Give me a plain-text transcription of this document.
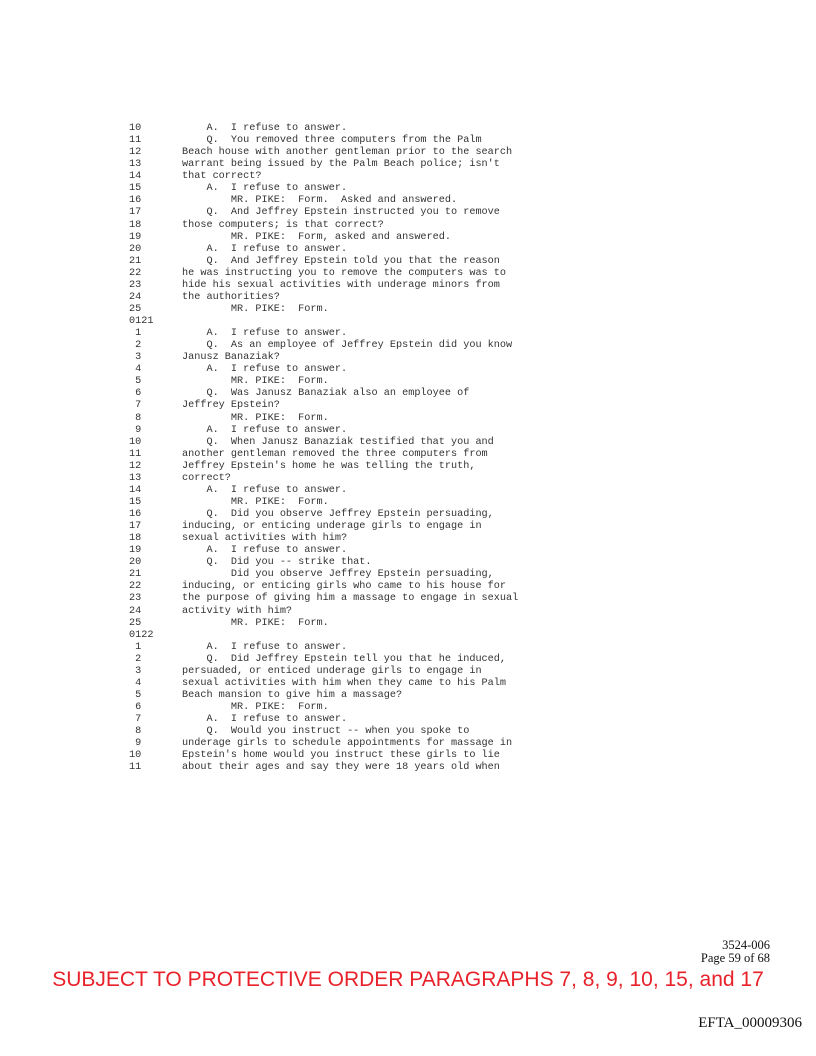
10	A.  I refuse to answer.
11	Q.  You removed three computers from the Palm
12	Beach house with another gentleman prior to the search
13	warrant being issued by the Palm Beach police; isn't
14	that correct?
15	A.  I refuse to answer.
16	MR. PIKE:  Form.  Asked and answered.
17	Q.  And Jeffrey Epstein instructed you to remove
18	those computers; is that correct?
19	MR. PIKE:  Form, asked and answered.
20	A.  I refuse to answer.
21	Q.  And Jeffrey Epstein told you that the reason
22	he was instructing you to remove the computers was to
23	hide his sexual activities with underage minors from
24	the authorities?
25	MR. PIKE:  Form.
0121
1	A.  I refuse to answer.
2	Q.  As an employee of Jeffrey Epstein did you know
3	Janusz Banaziak?
4	A.  I refuse to answer.
5	MR. PIKE:  Form.
6	Q.  Was Janusz Banaziak also an employee of
7	Jeffrey Epstein?
8	MR. PIKE:  Form.
9	A.  I refuse to answer.
10	Q.  When Janusz Banaziak testified that you and
11	another gentleman removed the three computers from
12	Jeffrey Epstein's home he was telling the truth,
13	correct?
14	A.  I refuse to answer.
15	MR. PIKE:  Form.
16	Q.  Did you observe Jeffrey Epstein persuading,
17	inducing, or enticing underage girls to engage in
18	sexual activities with him?
19	A.  I refuse to answer.
20	Q.  Did you -- strike that.
21	Did you observe Jeffrey Epstein persuading,
22	inducing, or enticing girls who came to his house for
23	the purpose of giving him a massage to engage in sexual
24	activity with him?
25	MR. PIKE:  Form.
0122
1	A.  I refuse to answer.
2	Q.  Did Jeffrey Epstein tell you that he induced,
3	persuaded, or enticed underage girls to engage in
4	sexual activities with him when they came to his Palm
5	Beach mansion to give him a massage?
6	MR. PIKE:  Form.
7	A.  I refuse to answer.
8	Q.  Would you instruct -- when you spoke to
9	underage girls to schedule appointments for massage in
10	Epstein's home would you instruct these girls to lie
11	about their ages and say they were 18 years old when
3524-006
Page 59 of 68
SUBJECT TO PROTECTIVE ORDER PARAGRAPHS 7, 8, 9, 10, 15, and 17
EFTA_00009306
